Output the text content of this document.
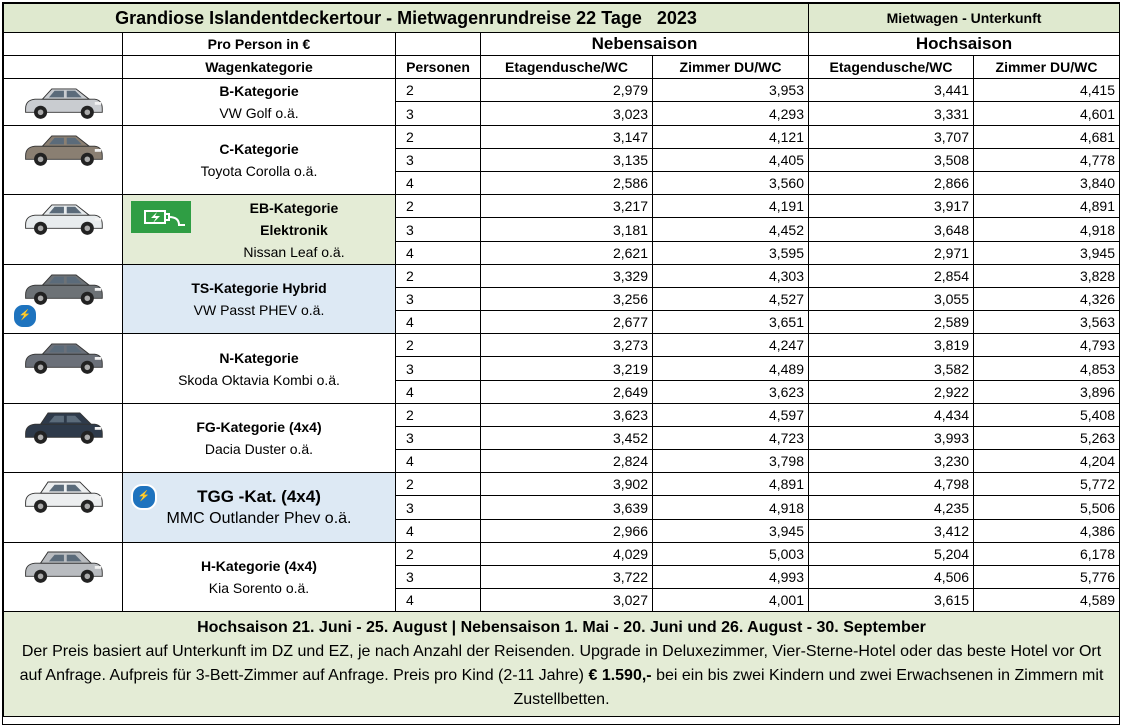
Grandiose Islandentdeckertour - Mietwagenrundreise 22 Tage   2023					Mietwagen - Unterkunft	
	Pro Person in €		Nebensaison		Hochsaison	
	Wagenkategorie	Personen	Etagendusche/WC	Zimmer DU/WC	Etagendusche/WC	Zimmer DU/WC

	B-Kategorie
VW Golf o.ä.	2	2,979	3,953	3,441	4,415
		3	3,023	4,293	3,331	4,601

	C-Kategorie
Toyota Corolla o.ä.	2	3,147	4,121	3,707	4,681
		3	3,135	4,405	3,508	4,778
		4	2,586	3,560	2,866	3,840

EB-Kategorie
Elektronik
Nissan Leaf o.ä.	2	3,217	4,191	3,917	4,891
		3	3,181	4,452	3,648	4,918
		4	2,621	3,595	2,971	3,945

⚡	TS-Kategorie Hybrid
VW Passt PHEV o.ä.	2	3,329	4,303	2,854	3,828
		3	3,256	4,527	3,055	4,326
		4	2,677	3,651	2,589	3,563

	N-Kategorie
Skoda Oktavia Kombi o.ä.	2	3,273	4,247	3,819	4,793
		3	3,219	4,489	3,582	4,853
		4	2,649	3,623	2,922	3,896

	FG-Kategorie (4x4)
Dacia Duster o.ä.	2	3,623	4,597	4,434	5,408
		3	3,452	4,723	3,993	5,263
		4	2,824	3,798	3,230	4,204

⚡ TGG -Kat. (4x4)
MMC Outlander Phev o.ä.	2	3,902	4,891	4,798	5,772
		3	3,639	4,918	4,235	5,506
		4	2,966	3,945	3,412	4,386

	H-Kategorie (4x4)
Kia Sorento o.ä.	2	4,029	5,003	5,204	6,178
		3	3,722	4,993	4,506	5,776
		4	3,027	4,001	3,615	4,589

Hochsaison 21. Juni - 25. August | Nebensaison 1. Mai - 20. Juni und 26. August - 30. September
Der Preis basiert auf Unterkunft im DZ und EZ, je nach Anzahl der Reisenden. Upgrade in Deluxezimmer, Vier-Sterne-Hotel oder das beste Hotel vor Ort auf Anfrage. Aufpreis für 3-Bett-Zimmer auf Anfrage. Preis pro Kind (2-11 Jahre) € 1.590,- bei ein bis zwei Kindern und zwei Erwachsenen in Zimmern mit Zustellbetten.						
